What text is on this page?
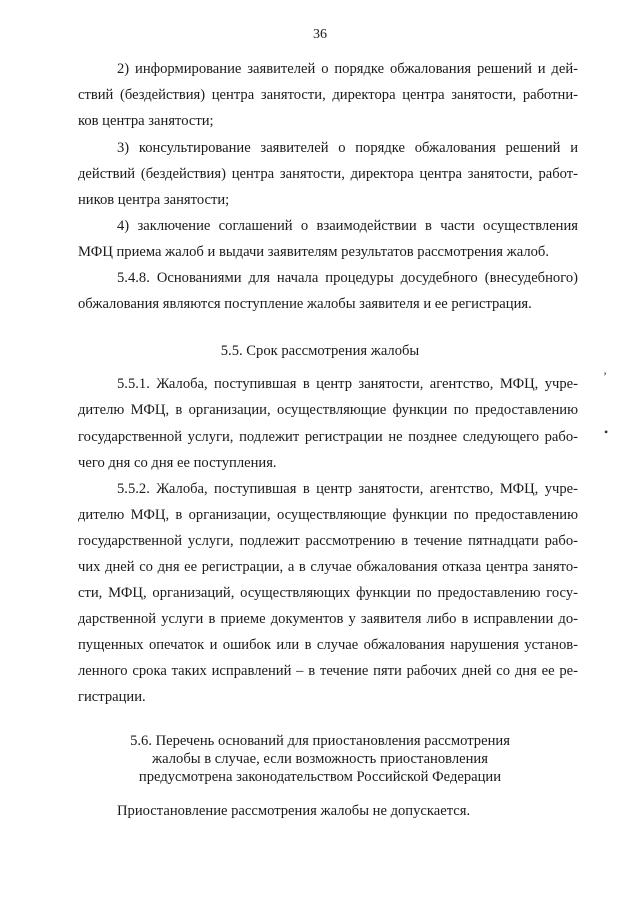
36

2) информирование заявителей о порядке обжалования решений и дей-

ствий (бездействия) центра занятости, директора центра занятости, работни-

ков центра занятости;

3) консультирование заявителей о порядке обжалования решений и

действий (бездействия) центра занятости, директора центра занятости, работ-

ников центра занятости;

4) заключение соглашений о взаимодействии в части осуществления

МФЦ приема жалоб и выдачи заявителям результатов рассмотрения жалоб.

5.4.8. Основаниями для начала процедуры досудебного (внесудебного)

обжалования являются поступление жалобы заявителя и ее регистрация.

5.5. Срок рассмотрения жалобы

5.5.1. Жалоба, поступившая в центр занятости, агентство, МФЦ, учре-

дителю МФЦ, в организации, осуществляющие функции по предоставлению

государственной услуги, подлежит регистрации не позднее следующего рабо-

чего дня со дня ее поступления.

5.5.2. Жалоба, поступившая в центр занятости, агентство, МФЦ, учре-

дителю МФЦ, в организации, осуществляющие функции по предоставлению

государственной услуги, подлежит рассмотрению в течение пятнадцати рабо-

чих дней со дня ее регистрации, а в случае обжалования отказа центра занято-

сти, МФЦ, организаций, осуществляющих функции по предоставлению госу-

дарственной услуги в приеме документов у заявителя либо в исправлении до-

пущенных опечаток и ошибок или в случае обжалования нарушения установ-

ленного срока таких исправлений – в течение пяти рабочих дней со дня ее ре-

гистрации.

5.6. Перечень оснований для приостановления рассмотрения

жалобы в случае, если возможность приостановления

предусмотрена законодательством Российской Федерации

Приостановление рассмотрения жалобы не допускается.

’
•
